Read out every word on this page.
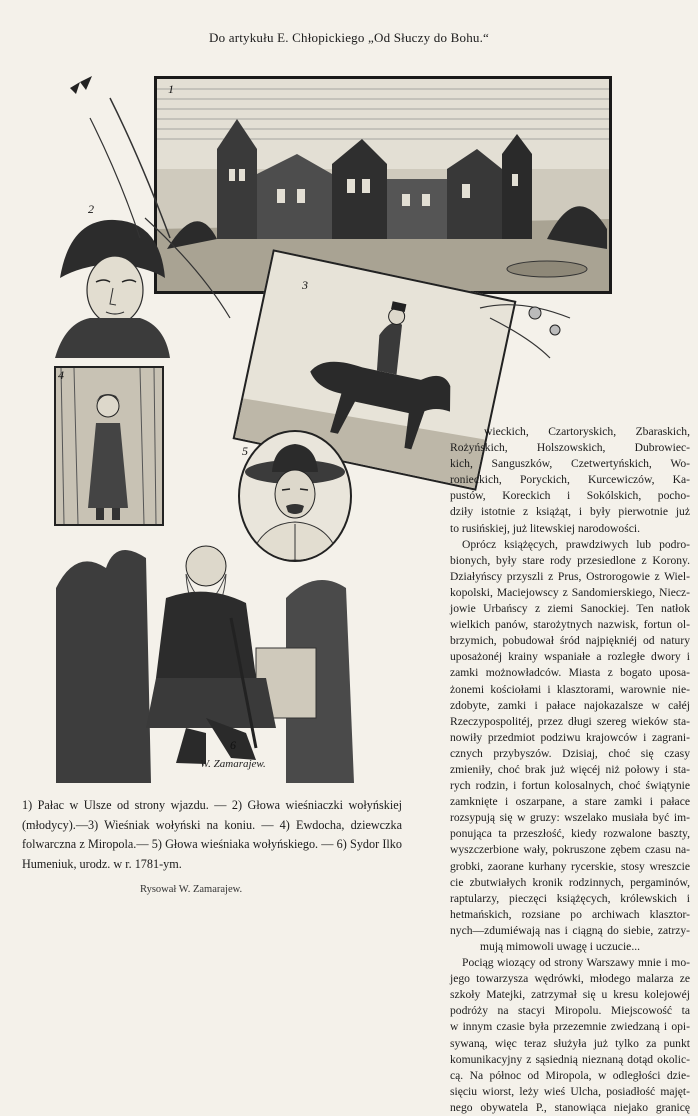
Do artykułu E. Chłopickiego „Od Słuczy do Bohu.“
1
2
3
4
5
6
W. Zamarajew.
1) Pałac w Ulsze od strony wjazdu. — 2) Głowa wieśniaczki wołyńskiej (młodycy).—3) Wieśniak wołyński na koniu. — 4) Ewdocha, dziewczka folwarczna z Miropola.— 5) Głowa wieśniaka wołyńskiego. — 6) Sydor Ilko Humeniuk, urodz. w r. 1781-ym.
Rysował W. Zamarajew.
wieckich, Czartoryskich, Zbaraskich,
Rożyńskich, Holszowskich, Dubrowiec-
kich, Sanguszków, Czetwertyńskich, Wo-
ronieckich, Poryckich, Kurcewiczów, Ka-
pustów, Koreckich i Sokólskich, pocho-
dziły istotnie z książąt, i były pierwotnie już
to rusińskiej, już litewskiej narodowości.
Oprócz książęcych, prawdziwych lub podro-
bionych, były stare rody przesiedlone z Korony.
Działyńscy przyszli z Prus, Ostrorogowie z Wiel-
kopolski, Maciejowscy z Sandomierskiego, Niecz-
jowie Urbańscy z ziemi Sanockiej. Ten natłok
wielkich panów, starożytnych nazwisk, fortun ol-
brzymich, pobudował śród najpiękniéj od natury
uposażonéj krainy wspaniałe a rozległe dwory i
zamki możnowładców. Miasta z bogato uposa-
żonemi kościołami i klasztorami, warownie nie-
zdobyte, zamki i pałace najokazalsze w całéj
Rzeczypospolitéj, przez długi szereg wieków sta-
nowiły przedmiot podziwu krajowców i zagrani-
cznych przybyszów. Dzisiaj, choć się czasy
zmieniły, choć brak już więcéj niż połowy i sta-
rych rodzin, i fortun kolosalnych, choć świątynie
zamknięte i oszarpane, a stare zamki i pałace
rozsypują się w gruzy: wszelako musiała być im-
ponująca ta przeszłość, kiedy rozwalone baszty,
wyszczerbione wały, pokruszone zębem czasu na-
grobki, zaorane kurhany rycerskie, stosy wreszcie
cie zbutwiałych kronik rodzinnych, pergaminów,
raptularzy, pieczęci książęcych, królewskich i
hetmańskich, rozsiane po archiwach klasztor-
nych—zdumiéwają nas i ciągną do siebie, zatrzy-
mują mimowoli uwagę i uczucie...
Pociąg wiozący od strony Warszawy mnie i mo-
jego towarzysza wędrówki, młodego malarza ze
szkoły Matejki, zatrzymał się u kresu kolejowéj
podróży na stacyi Miropolu. Miejscowość ta
w innym czasie była przezemnie zwiedzaną i opi-
sywaną, więc teraz służyła już tylko za punkt
komunikacyjny z sąsiednią nieznaną dotąd okolic-
cą. Na północ od Miropola, w odległości dzie-
sięciu wiorst, leży wieś Ulcha, posiadłość majęt-
nego obywatela P., stanowiąca niejako granicę
